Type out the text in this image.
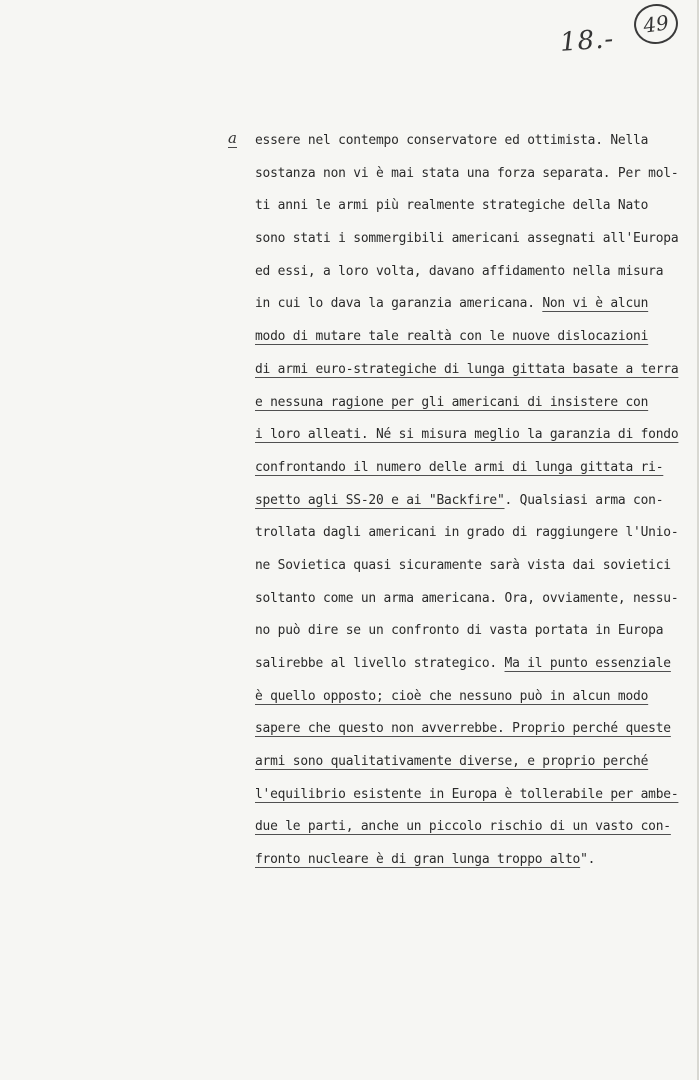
18.-
49
a essere nel contempo conservatore ed ottimista. Nella
sostanza non vi è mai stata una forza separata. Per mol-
ti anni le armi più realmente strategiche della Nato
sono stati i sommergibili americani assegnati all'Europa
ed essi, a loro volta, davano affidamento nella misura
in cui lo dava la garanzia americana. Non vi è alcun
modo di mutare tale realtà con le nuove dislocazioni
di armi euro-strategiche di lunga gittata basate a terra
e nessuna ragione per gli americani di insistere con
i loro alleati. Né si misura meglio la garanzia di fondo
confrontando il numero delle armi di lunga gittata ri-
spetto agli SS-20 e ai "Backfire". Qualsiasi arma con-
trollata dagli americani in grado di raggiungere l'Unio-
ne Sovietica quasi sicuramente sarà vista dai sovietici
soltanto come un arma americana. Ora, ovviamente, nessu-
no può dire se un confronto di vasta portata in Europa
salirebbe al livello strategico. Ma il punto essenziale
è quello opposto; cioè che nessuno può in alcun modo
sapere che questo non avverrebbe. Proprio perché queste
armi sono qualitativamente diverse, e proprio perché
l'equilibrio esistente in Europa è tollerabile per ambe-
due le parti, anche un piccolo rischio di un vasto con-
fronto nucleare è di gran lunga troppo alto".
